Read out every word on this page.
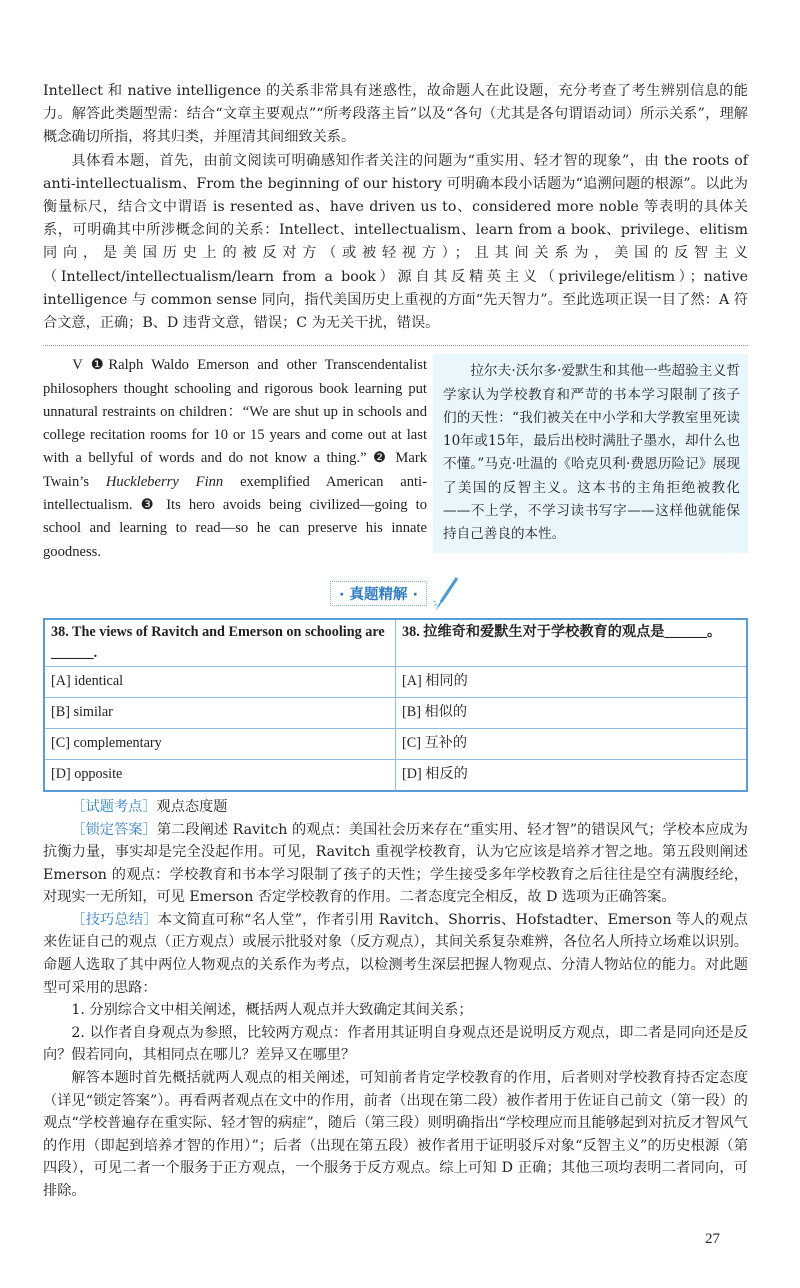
Intellect 和 native intelligence 的关系非常具有迷惑性，故命题人在此设题，充分考查了考生辨别信息的能力。解答此类题型需：结合“文章主要观点”“所考段落主旨”以及“各句（尤其是各句谓语动词）所示关系”，理解概念确切所指，将其归类，并厘清其间细致关系。

具体看本题，首先，由前文阅读可明确感知作者关注的问题为“重实用、轻才智的现象”，由 the roots of anti-intellectualism、From the beginning of our history 可明确本段小话题为“追溯问题的根源”。以此为衡量标尺，结合文中谓语 is resented as、have driven us to、considered more noble 等表明的具体关系，可明确其中所涉概念间的关系：Intellect、intellectualism、learn from a book、privilege、elitism 同向，是美国历史上的被反对方（或被轻视方）；且其间关系为，美国的反智主义（Intellect/intellectualism/learn from a book）源自其反精英主义（privilege/elitism）；native intelligence 与 common sense 同向，指代美国历史上重视的方面“先天智力”。至此选项正误一目了然：A 符合文意，正确；B、D 违背文意，错误；C 为无关干扰，错误。

V ❶Ralph Waldo Emerson and other Transcendentalist philosophers thought schooling and rigorous book learning put unnatural restraints on children：“We are shut up in schools and college recitation rooms for 10 or 15 years and come out at last with a bellyful of words and do not know a thing.” ❷ Mark Twain’s Huckleberry Finn exemplified American anti-intellectualism. ❸ Its hero avoids being civilized—going to school and learning to read—so he can preserve his innate goodness.
拉尔夫·沃尔多·爱默生和其他一些超验主义哲学家认为学校教育和严苛的书本学习限制了孩子们的天性：“我们被关在中小学和大学教室里死读10年或15年，最后出校时满肚子墨水，却什么也不懂。”马克·吐温的《哈克贝利·费恩历险记》展现了美国的反智主义。这本书的主角拒绝被教化——不上学，不学习读书写字——这样他就能保持自己善良的本性。
· 真题精解 ·
38. The views of Ravitch and Emerson on schooling are ______.	38. 拉维奇和爱默生对于学校教育的观点是______。
[A] identical	[A] 相同的
[B] similar	[B] 相似的
[C] complementary	[C] 互补的
[D] opposite	[D] 相反的

［试题考点］观点态度题

［锁定答案］第二段阐述 Ravitch 的观点：美国社会历来存在“重实用、轻才智”的错误风气；学校本应成为抗衡力量，事实却是完全没起作用。可见，Ravitch 重视学校教育，认为它应该是培养才智之地。第五段则阐述 Emerson 的观点：学校教育和书本学习限制了孩子的天性；学生接受多年学校教育之后往往是空有满腹经纶，对现实一无所知，可见 Emerson 否定学校教育的作用。二者态度完全相反，故 D 选项为正确答案。

［技巧总结］本文简直可称“名人堂”，作者引用 Ravitch、Shorris、Hofstadter、Emerson 等人的观点来佐证自己的观点（正方观点）或展示批驳对象（反方观点），其间关系复杂难辨，各位名人所持立场难以识别。命题人选取了其中两位人物观点的关系作为考点，以检测考生深层把握人物观点、分清人物站位的能力。对此题型可采用的思路：

1. 分别综合文中相关阐述，概括两人观点并大致确定其间关系；

2. 以作者自身观点为参照，比较两方观点：作者用其证明自身观点还是说明反方观点，即二者是同向还是反向？假若同向，其相同点在哪儿？差异又在哪里？

解答本题时首先概括就两人观点的相关阐述，可知前者肯定学校教育的作用，后者则对学校教育持否定态度（详见“锁定答案”）。再看两者观点在文中的作用，前者（出现在第二段）被作者用于佐证自己前文（第一段）的观点“学校普遍存在重实际、轻才智的病症”，随后（第三段）则明确指出“学校理应而且能够起到对抗反才智风气的作用（即起到培养才智的作用）”；后者（出现在第五段）被作者用于证明驳斥对象“反智主义”的历史根源（第四段），可见二者一个服务于正方观点，一个服务于反方观点。综上可知 D 正确；其他三项均表明二者同向，可排除。

27
